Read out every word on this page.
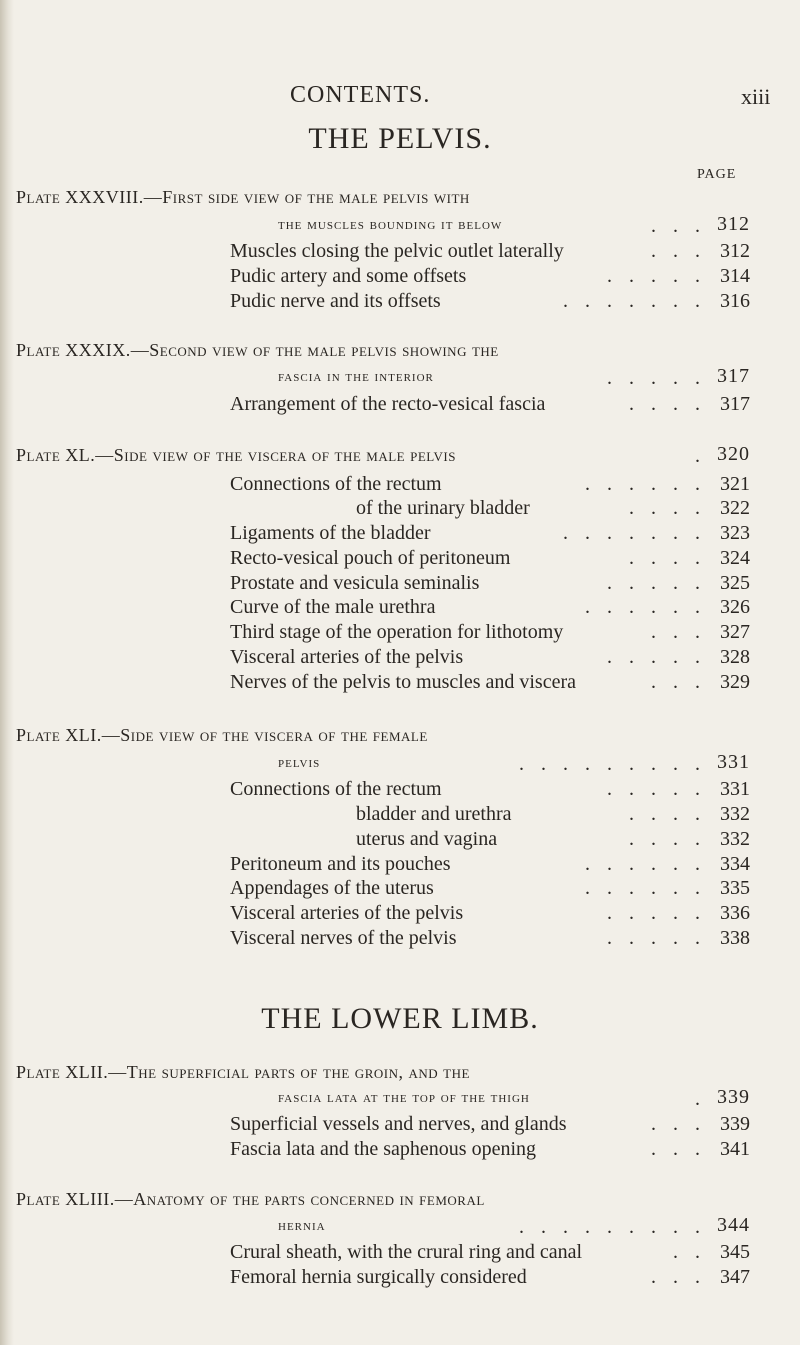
CONTENTS.	xiii
THE PELVIS.
PAGE
Plate XXXVIII.—First side view of the male pelvis with
the muscles bounding it below	. . . 312
Muscles closing the pelvic outlet laterally	. . . 312
Pudic artery and some offsets	. . . . . 314
Pudic nerve and its offsets	. . . . . . . 316
Plate XXXIX.—Second view of the male pelvis showing the
fascia in the interior	. . . . . 317
Arrangement of the recto-vesical fascia	. . . . 317
Plate XL.—Side view of the viscera of the male pelvis	. 320
Connections of the rectum	. . . . . . 321
of the urinary bladder	. . . . 322
Ligaments of the bladder	. . . . . . . 323
Recto-vesical pouch of peritoneum	. . . . 324
Prostate and vesicula seminalis	. . . . . 325
Curve of the male urethra	. . . . . . 326
Third stage of the operation for lithotomy	. . . 327
Visceral arteries of the pelvis	. . . . . 328
Nerves of the pelvis to muscles and viscera	. . . 329
Plate XLI.—Side view of the viscera of the female
pelvis	. . . . . . . . . 331
Connections of the rectum	. . . . . 331
bladder and urethra	. . . . 332
uterus and vagina	. . . . 332
Peritoneum and its pouches	. . . . . . 334
Appendages of the uterus	. . . . . . 335
Visceral arteries of the pelvis	. . . . . 336
Visceral nerves of the pelvis	. . . . . 338
THE LOWER LIMB.
Plate XLII.—The superficial parts of the groin, and the
fascia lata at the top of the thigh	. 339
Superficial vessels and nerves, and glands	. . . 339
Fascia lata and the saphenous opening	. . . 341
Plate XLIII.—Anatomy of the parts concerned in femoral
hernia	. . . . . . . . . 344
Crural sheath, with the crural ring and canal	. . 345
Femoral hernia surgically considered	. . . 347
